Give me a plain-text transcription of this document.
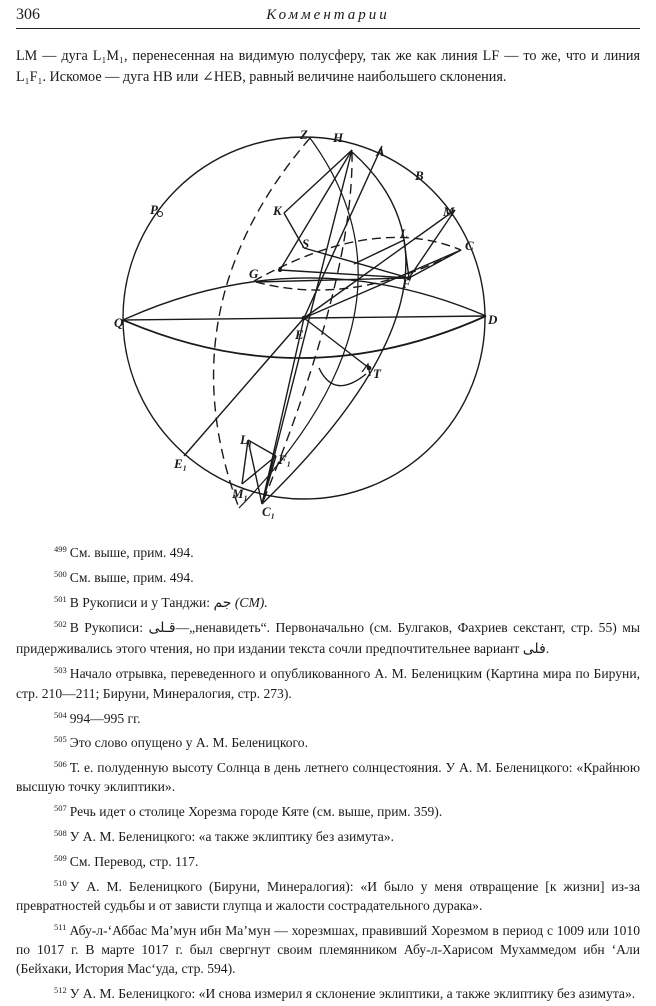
306	Комментарии

LM — дуга L₁M₁, перенесенная на видимую полусферу, так же как линия LF — то же, что и линия L₁F₁. Искомое — дуга HB или ∠HEB, равный величине наибольшего склонения.

Z H
A
B
M
K
L
C
S
G
F
P
Q	D
E
T
E₁
L₁
F₁
M₁
C₁

$^{499}$ См. выше, прим. 494.

$^{500}$ См. выше, прим. 494.

$^{501}$ В Рукописи и у Танджи: جم (СМ).

$^{502}$ В Рукописи: قـلى—„ненавидеть“. Первоначально (см. Булгаков, Фахриев секстант, стр. 55) мы придерживались этого чтения, но при издании текста сочли предпочтительнее вариант فلى.

$^{503}$ Начало отрывка, переведенного и опубликованного А. М. Беленицким (Картина мира по Бируни, стр. 210—211; Бируни, Минералогия, стр. 273).

$^{504}$ 994—995 гг.

$^{505}$ Это слово опущено у А. М. Беленицкого.

$^{506}$ Т. е. полуденную высоту Солнца в день летнего солнцестояния. У А. М. Беленицкого: «Крайнюю высшую точку эклиптики».

$^{507}$ Речь идет о столице Хорезма городе Кяте (см. выше, прим. 359).

$^{508}$ У А. М. Беленицкого: «а также эклиптику без азимута».

$^{509}$ См. Перевод, стр. 117.

$^{510}$ У А. М. Беленицкого (Бируни, Минералогия): «И было у меня отвращение [к жизни] из-за превратностей судьбы и от зависти глупца и жалости сострадательного дурака».

$^{511}$ Абу-л-‘Аббас Ма’мун ибн Ма’мун — хорезмшах, правивший Хорезмом в период с 1009 или 1010 по 1017 г. В марте 1017 г. был свергнут своим племянником Абу-л-Харисом Мухаммедом ибн ‘Али (Бейхаки, История Мас‘уда, стр. 594).

$^{512}$ У А. М. Беленицкого: «И снова измерил я склонение эклиптики, а также эклиптику без азимута».
